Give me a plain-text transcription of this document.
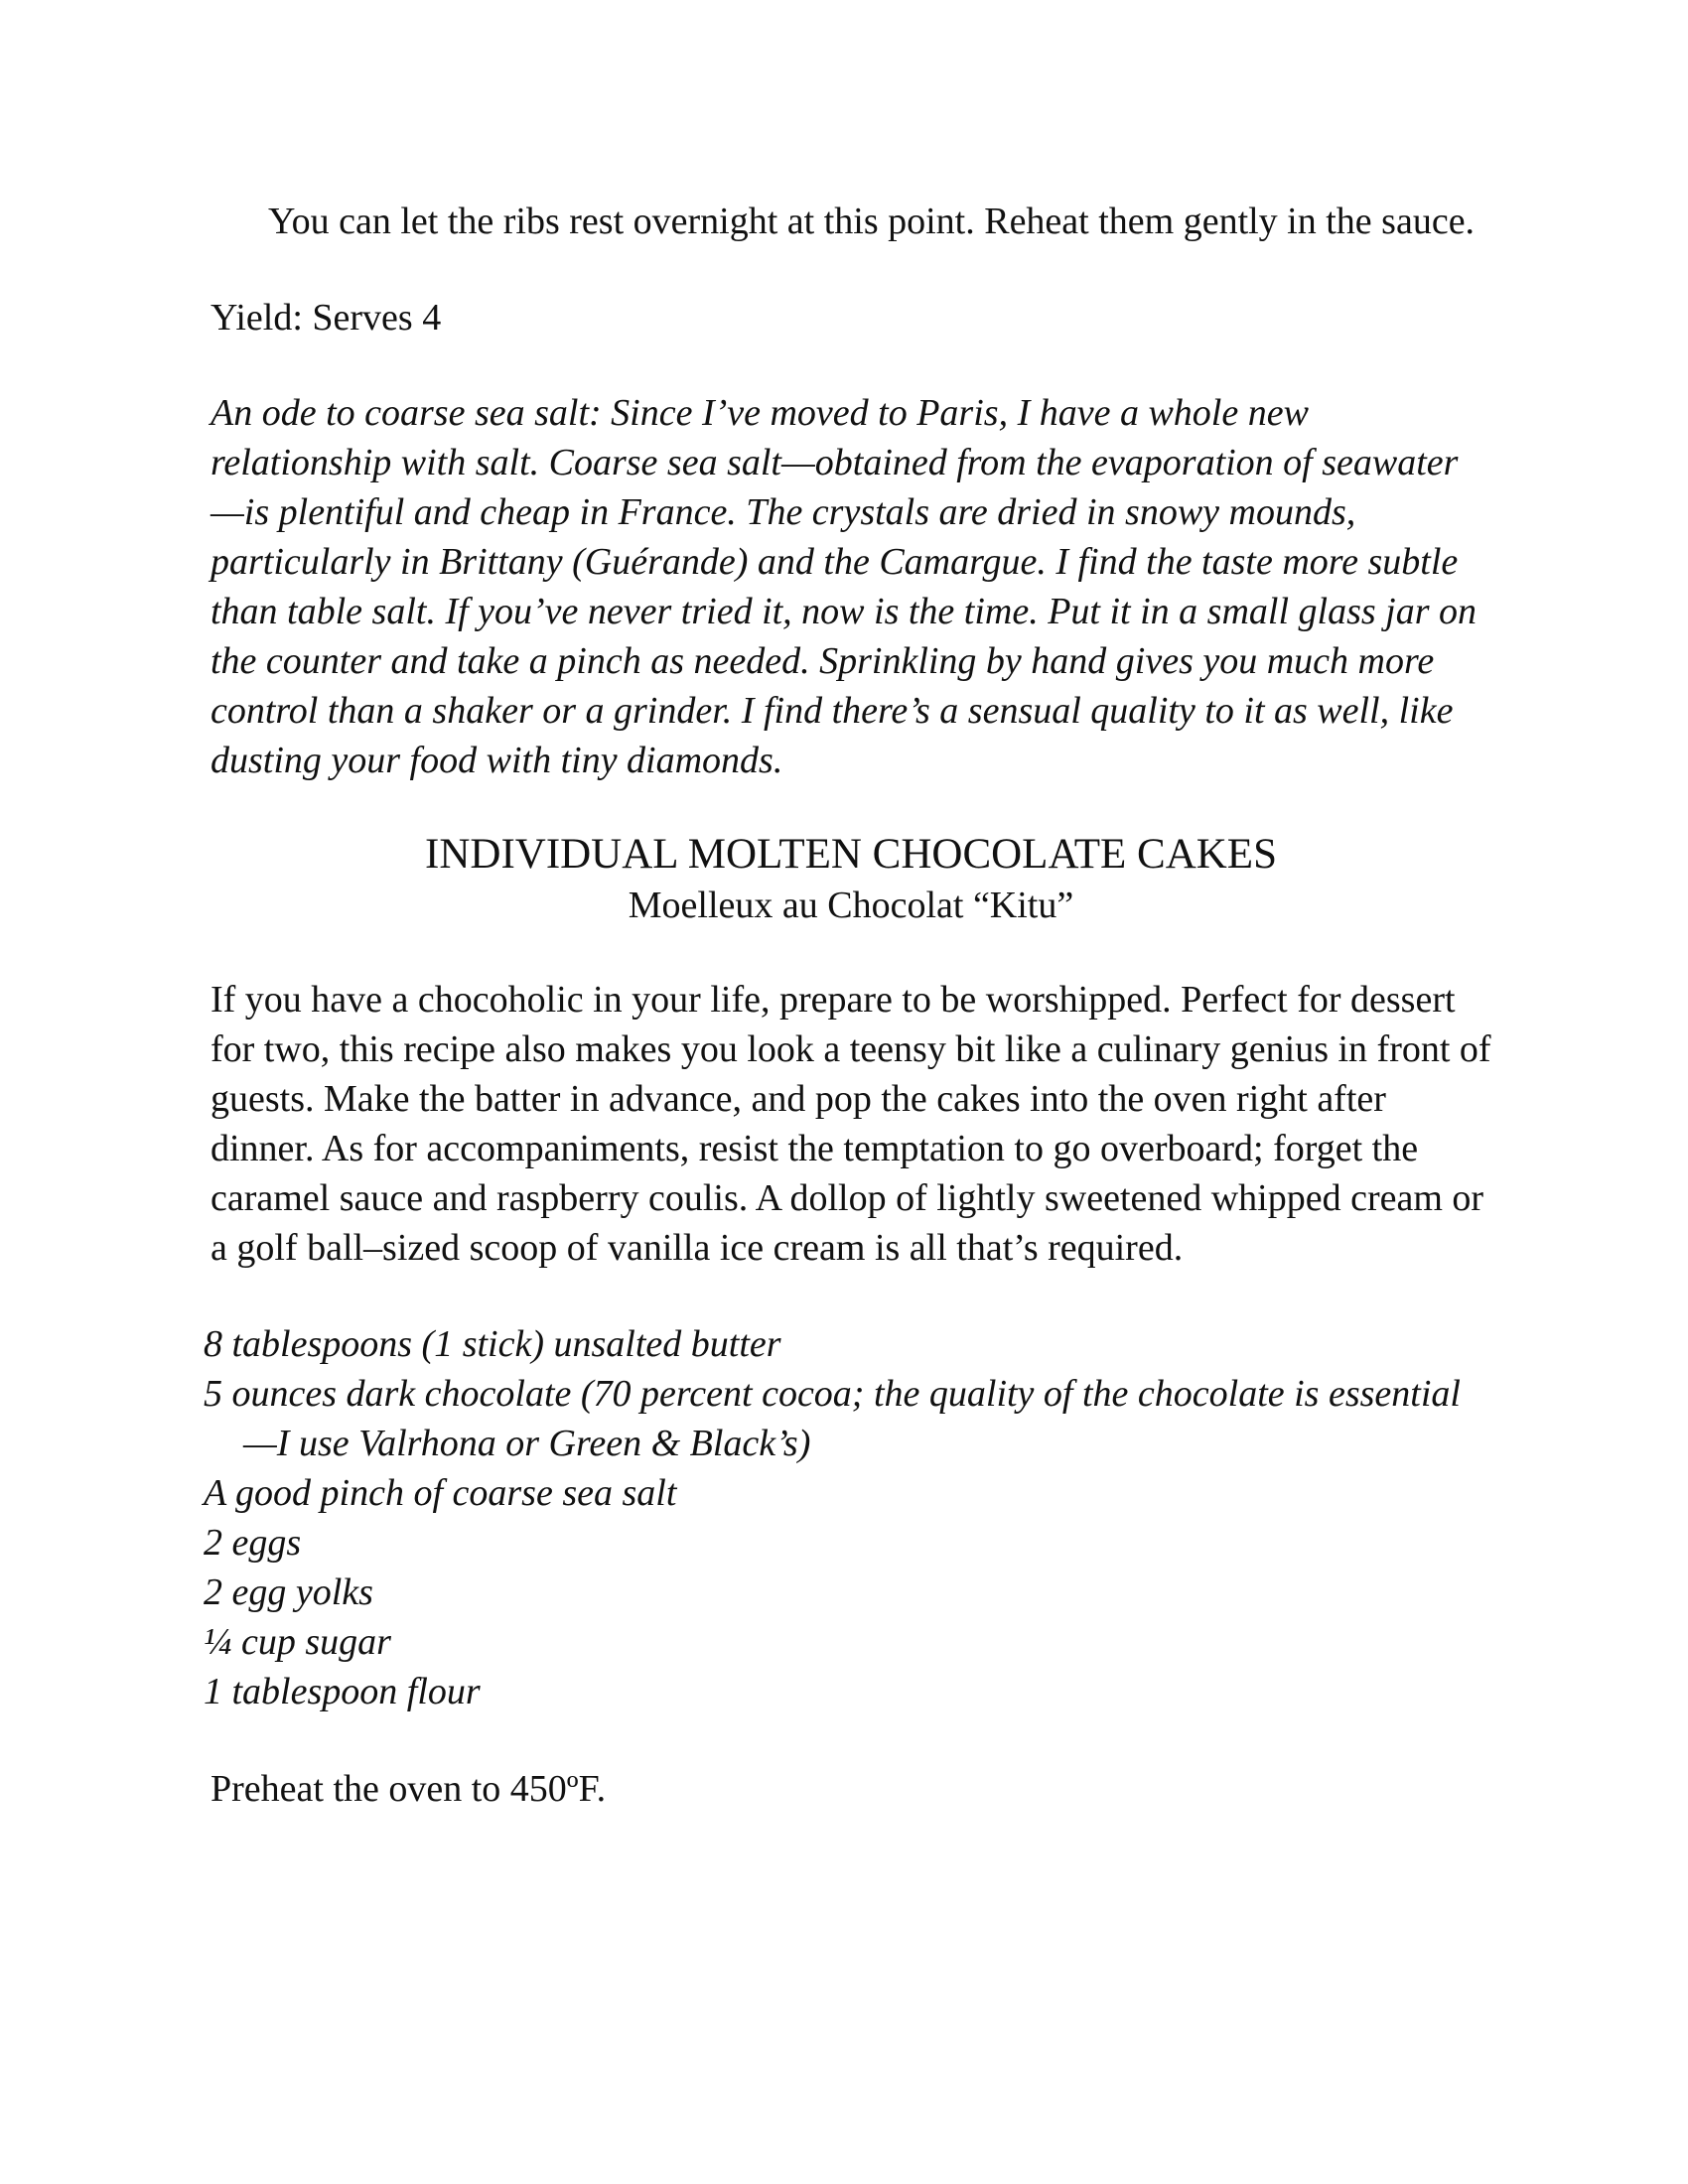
You can let the ribs rest overnight at this point. Reheat them gently in the sauce.

Yield: Serves 4

An ode to coarse sea salt: Since I’ve moved to Paris, I have a whole new relationship with salt. Coarse sea salt—obtained from the evaporation of seawater—is plentiful and cheap in France. The crystals are dried in snowy mounds, particularly in Brittany (Guérande) and the Camargue. I find the taste more subtle than table salt. If you’ve never tried it, now is the time. Put it in a small glass jar on the counter and take a pinch as needed. Sprinkling by hand gives you much more control than a shaker or a grinder. I find there’s a sensual quality to it as well, like dusting your food with tiny diamonds.

INDIVIDUAL MOLTEN CHOCOLATE CAKES

Moelleux au Chocolat “Kitu”

If you have a chocoholic in your life, prepare to be worshipped. Perfect for dessert for two, this recipe also makes you look a teensy bit like a culinary genius in front of guests. Make the batter in advance, and pop the cakes into the oven right after dinner. As for accompaniments, resist the temptation to go overboard; forget the caramel sauce and raspberry coulis. A dollop of lightly sweetened whipped cream or a golf ball–sized scoop of vanilla ice cream is all that’s required.

8 tablespoons (1 stick) unsalted butter
5 ounces dark chocolate (70 percent cocoa; the quality of the chocolate is essential—I use Valrhona or Green & Black’s)
A good pinch of coarse sea salt
2 eggs
2 egg yolks
¼ cup sugar
1 tablespoon flour

Preheat the oven to 450ºF.
